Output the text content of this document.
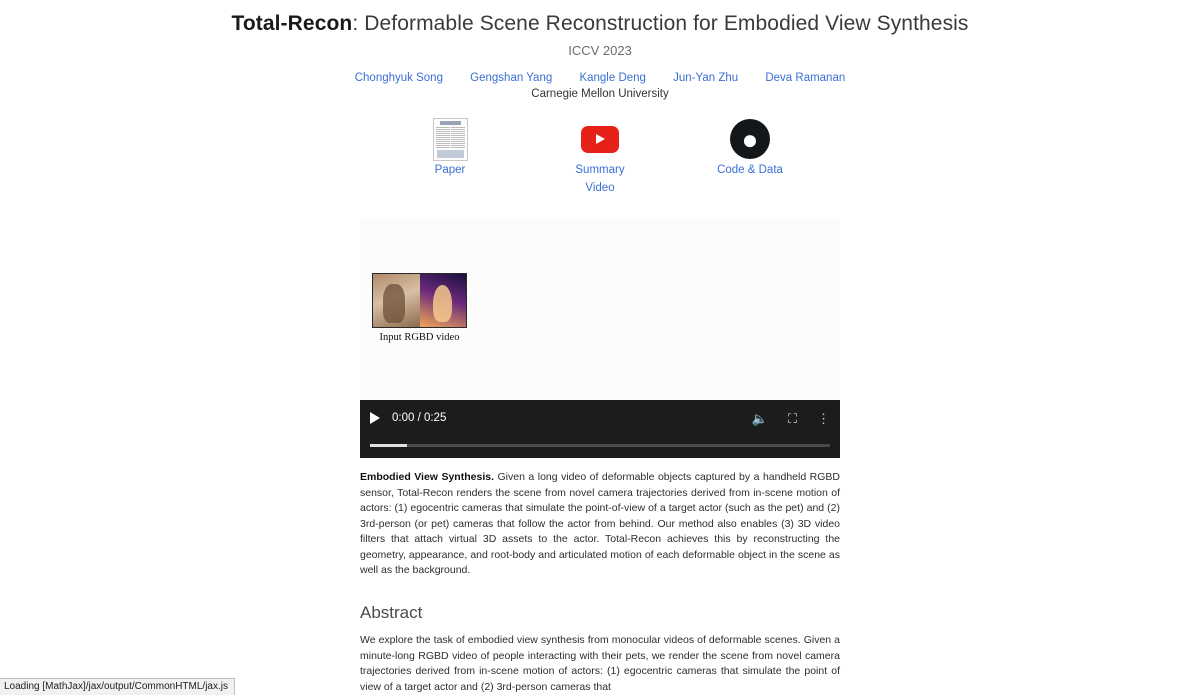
Total-Recon: Deformable Scene Reconstruction for Embodied View Synthesis
ICCV 2023
Chonghyuk Song Gengshan Yang Kangle Deng Jun-Yan Zhu Deva Ramanan
Carnegie Mellon University
Paper	Summary
Video
●
Code & Data
Input RGBD video
0:00 / 0:25	🔈 ⛶ ⋮

Embodied View Synthesis. Given a long video of deformable objects captured by a handheld RGBD sensor, Total-Recon renders the scene from novel camera trajectories derived from in-scene motion of actors: (1) egocentric cameras that simulate the point-of-view of a target actor (such as the pet) and (2) 3rd-person (or pet) cameras that follow the actor from behind. Our method also enables (3) 3D video filters that attach virtual 3D assets to the actor. Total-Recon achieves this by reconstructing the geometry, appearance, and root-body and articulated motion of each deformable object in the scene as well as the background.

Abstract

We explore the task of embodied view synthesis from monocular videos of deformable scenes. Given a minute-long RGBD video of people interacting with their pets, we render the scene from novel camera trajectories derived from in-scene motion of actors: (1) egocentric cameras that simulate the point of view of a target actor and (2) 3rd-person cameras that

Loading [MathJax]/jax/output/CommonHTML/jax.js
